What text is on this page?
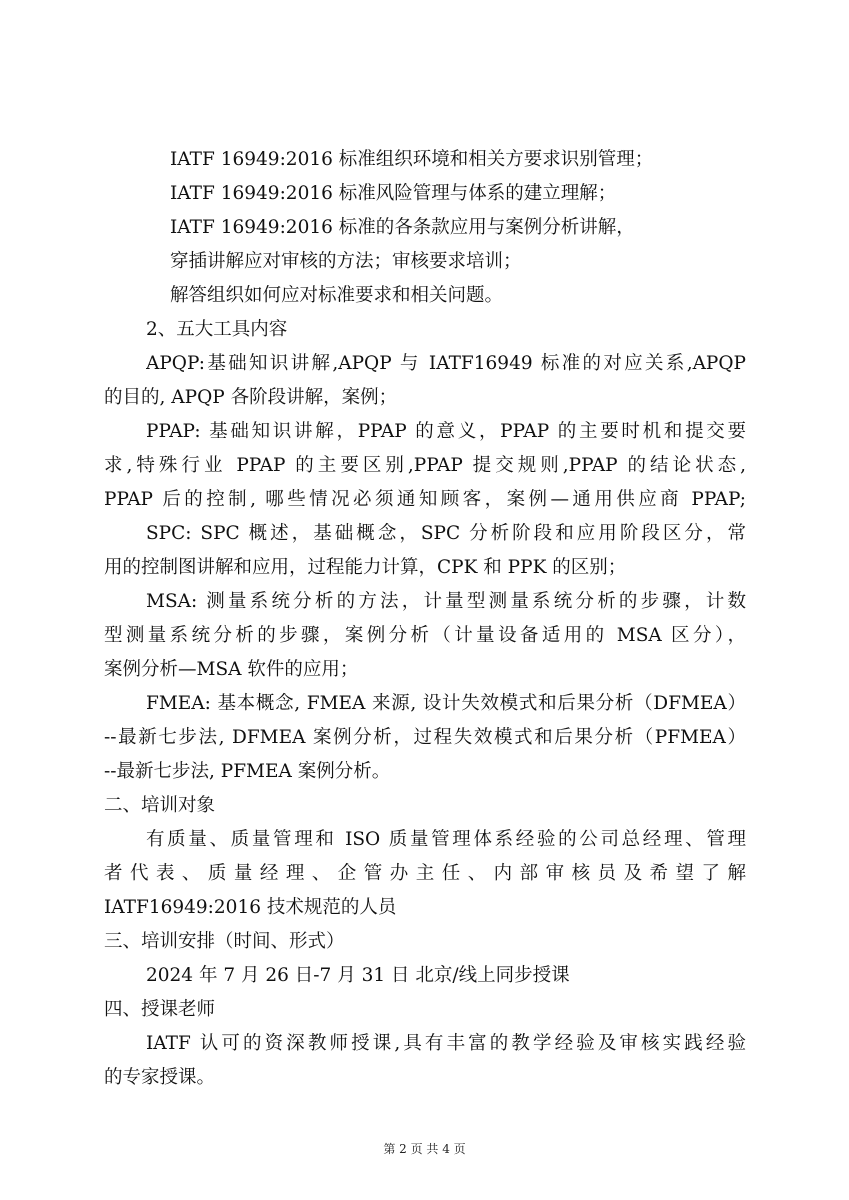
IATF 16949:2016 标准组织环境和相关方要求识别管理；
IATF 16949:2016 标准风险管理与体系的建立理解；
IATF 16949:2016 标准的各条款应用与案例分析讲解，
穿插讲解应对审核的方法；审核要求培训；
解答组织如何应对标准要求和相关问题。
2、五大工具内容
APQP:基础知识讲解,APQP 与 IATF16949 标准的对应关系,APQP
的目的, APQP 各阶段讲解，案例；
PPAP: 基础知识讲解，PPAP 的意义，PPAP 的主要时机和提交要
求,特殊行业 PPAP 的主要区别,PPAP 提交规则,PPAP 的结论状态,
PPAP 后的控制, 哪些情况必须通知顾客，案例—通用供应商 PPAP;
SPC: SPC 概述，基础概念，SPC 分析阶段和应用阶段区分，常
用的控制图讲解和应用，过程能力计算，CPK 和 PPK 的区别；
MSA: 测量系统分析的方法，计量型测量系统分析的步骤，计数
型测量系统分析的步骤，案例分析（计量设备适用的 MSA 区分），
案例分析—MSA 软件的应用；
FMEA: 基本概念, FMEA 来源, 设计失效模式和后果分析（DFMEA）
--最新七步法, DFMEA 案例分析，过程失效模式和后果分析（PFMEA）
--最新七步法, PFMEA 案例分析。
二、培训对象
有质量、质量管理和 ISO 质量管理体系经验的公司总经理、管理
者代表、质量经理、企管办主任、内部审核员及希望了解
IATF16949:2016 技术规范的人员
三、培训安排（时间、形式）
2024 年 7 月 26 日-7 月 31 日 北京/线上同步授课
四、授课老师
IATF 认可的资深教师授课,具有丰富的教学经验及审核实践经验
的专家授课。
第 2 页 共 4 页
